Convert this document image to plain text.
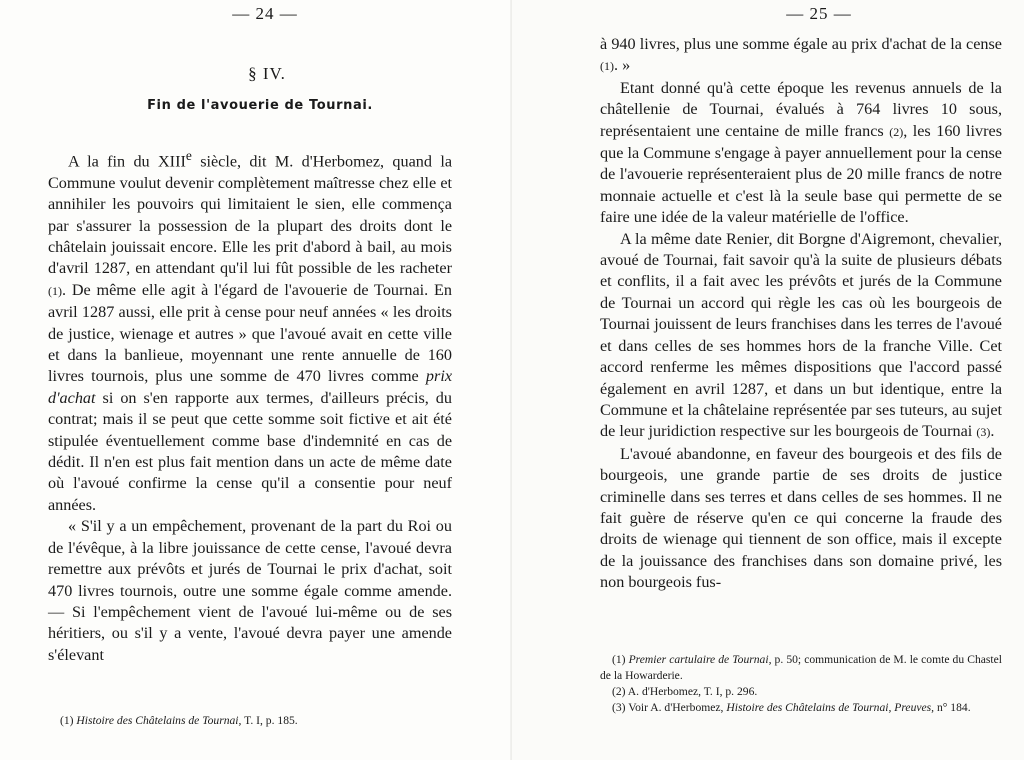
— 24 —
§ IV.
Fin de l'avouerie de Tournai.

A la fin du XIIIe siècle, dit M. d'Herbomez, quand la Commune voulut devenir complètement maîtresse chez elle et annihiler les pouvoirs qui limitaient le sien, elle commença par s'assurer la possession de la plupart des droits dont le châtelain jouissait encore. Elle les prit d'abord à bail, au mois d'avril 1287, en attendant qu'il lui fût possible de les racheter (1). De même elle agit à l'égard de l'avouerie de Tournai. En avril 1287 aussi, elle prit à cense pour neuf années « les droits de justice, wienage et autres » que l'avoué avait en cette ville et dans la banlieue, moyennant une rente annuelle de 160 livres tournois, plus une somme de 470 livres comme prix d'achat si on s'en rapporte aux termes, d'ailleurs précis, du contrat; mais il se peut que cette somme soit fictive et ait été stipulée éventuellement comme base d'indemnité en cas de dédit. Il n'en est plus fait mention dans un acte de même date où l'avoué confirme la cense qu'il a consentie pour neuf années.

« S'il y a un empêchement, provenant de la part du Roi ou de l'évêque, à la libre jouissance de cette cense, l'avoué devra remettre aux prévôts et jurés de Tournai le prix d'achat, soit 470 livres tournois, outre une somme égale comme amende. — Si l'empêchement vient de l'avoué lui-même ou de ses héritiers, ou s'il y a vente, l'avoué devra payer une amende s'élevant

(1) Histoire des Châtelains de Tournai, T. I, p. 185.

— 25 —

à 940 livres, plus une somme égale au prix d'achat de la cense (1). »

Etant donné qu'à cette époque les revenus annuels de la châtellenie de Tournai, évalués à 764 livres 10 sous, représentaient une centaine de mille francs (2), les 160 livres que la Commune s'engage à payer annuellement pour la cense de l'avouerie représenteraient plus de 20 mille francs de notre monnaie actuelle et c'est là la seule base qui permette de se faire une idée de la valeur matérielle de l'office.

A la même date Renier, dit Borgne d'Aigremont, chevalier, avoué de Tournai, fait savoir qu'à la suite de plusieurs débats et conflits, il a fait avec les prévôts et jurés de la Commune de Tournai un accord qui règle les cas où les bourgeois de Tournai jouissent de leurs franchises dans les terres de l'avoué et dans celles de ses hommes hors de la franche Ville. Cet accord renferme les mêmes dispositions que l'accord passé également en avril 1287, et dans un but identique, entre la Commune et la châtelaine représentée par ses tuteurs, au sujet de leur juridiction respective sur les bourgeois de Tournai (3).

L'avoué abandonne, en faveur des bourgeois et des fils de bourgeois, une grande partie de ses droits de justice criminelle dans ses terres et dans celles de ses hommes. Il ne fait guère de réserve qu'en ce qui concerne la fraude des droits de wienage qui tiennent de son office, mais il excepte de la jouissance des franchises dans son domaine privé, les non bourgeois fus-

(1) Premier cartulaire de Tournai, p. 50; communication de M. le comte du Chastel de la Howarderie.

(2) A. d'Herbomez, T. I, p. 296.

(3) Voir A. d'Herbomez, Histoire des Châtelains de Tournai, Preuves, n° 184.
